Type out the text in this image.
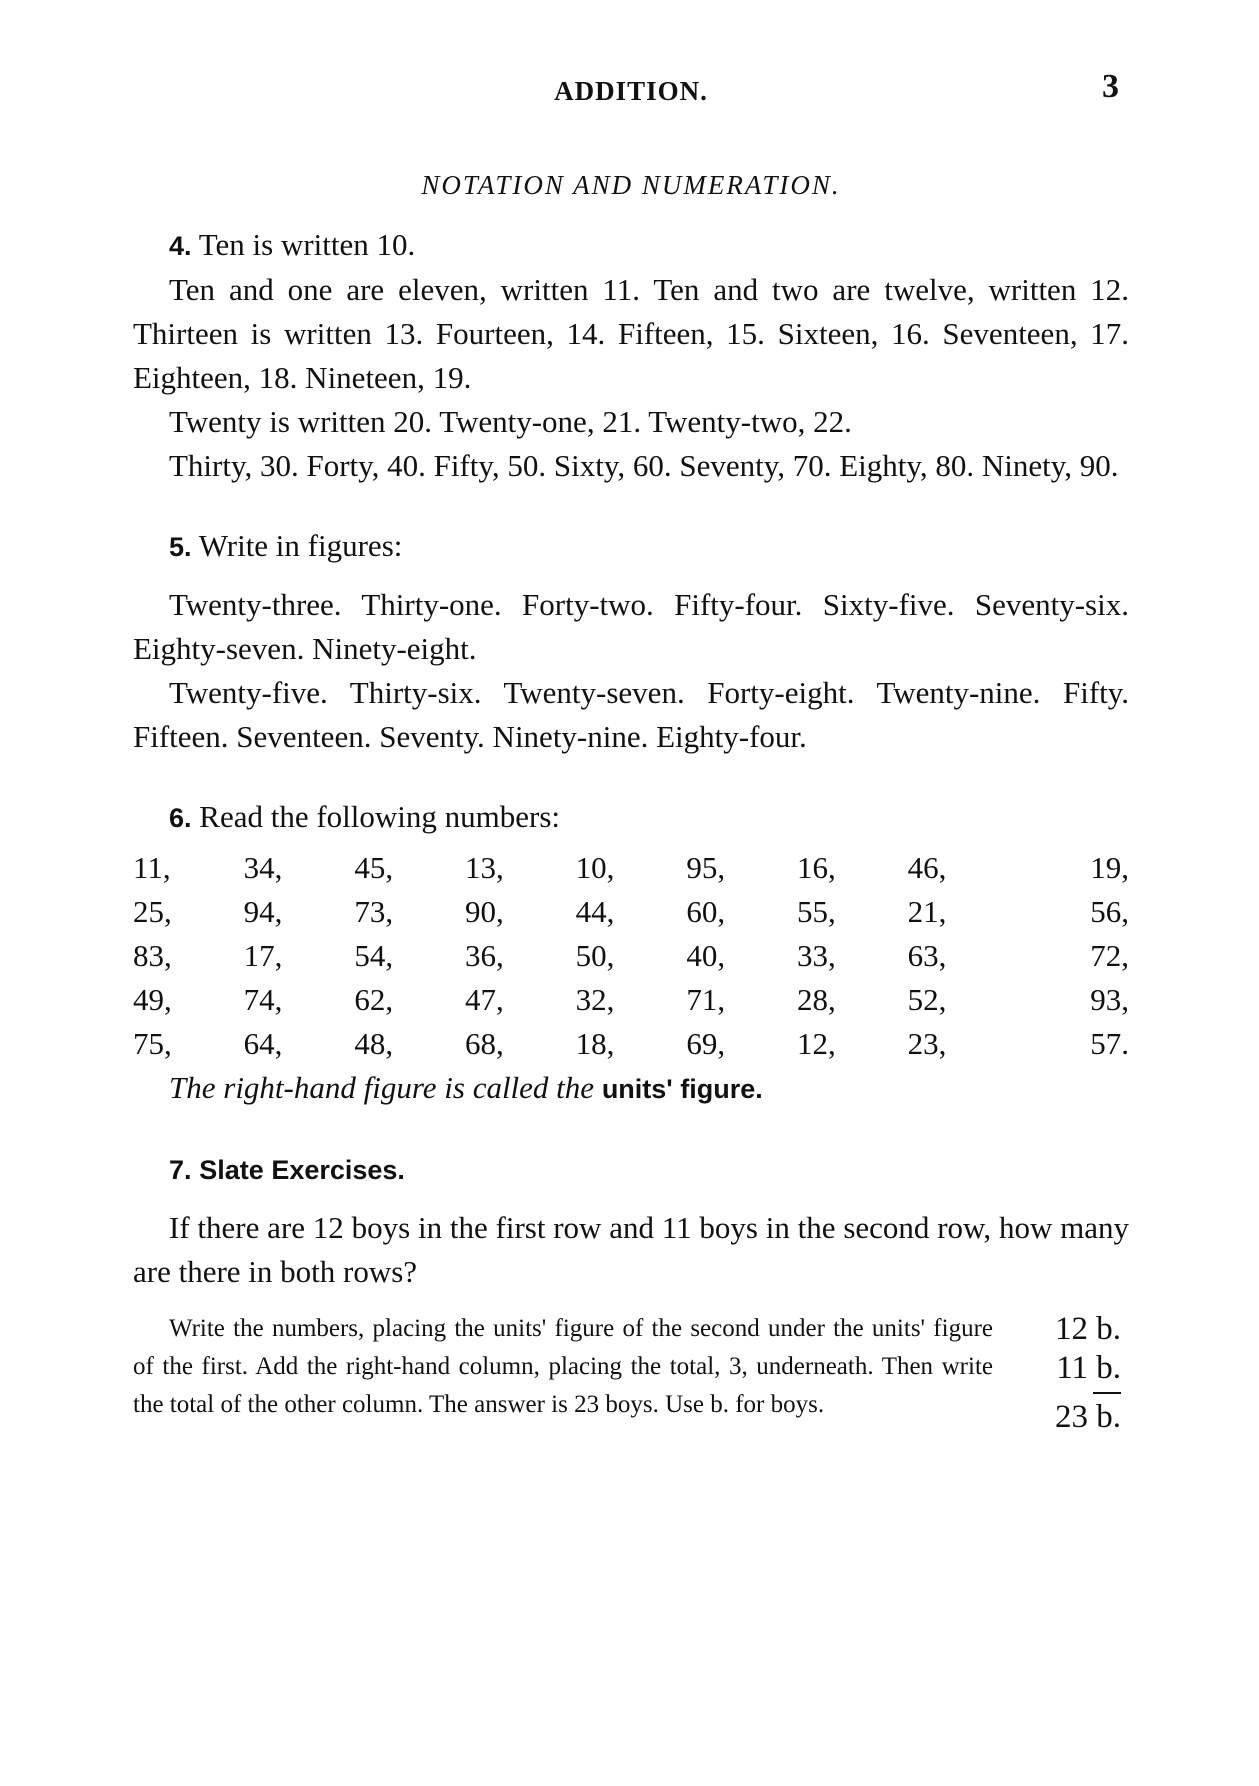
ADDITION.	3
NOTATION AND NUMERATION.

4. Ten is written 10.

Ten and one are eleven, written 11. Ten and two are twelve, written 12. Thirteen is written 13. Fourteen, 14. Fifteen, 15. Sixteen, 16. Seventeen, 17. Eighteen, 18. Nineteen, 19.

Twenty is written 20. Twenty-one, 21. Twenty-two, 22.

Thirty, 30. Forty, 40. Fifty, 50. Sixty, 60. Seventy, 70. Eighty, 80. Ninety, 90.

5. Write in figures:

Twenty-three. Thirty-one. Forty-two. Fifty-four. Sixty-five. Seventy-six. Eighty-seven. Ninety-eight.

Twenty-five. Thirty-six. Twenty-seven. Forty-eight. Twenty-nine. Fifty. Fifteen. Seventeen. Seventy. Ninety-nine. Eighty-four.

6. Read the following numbers:

11,	34,	45,	13,	10,	95,	16,	46,	19,
25,	94,	73,	90,	44,	60,	55,	21,	56,
83,	17,	54,	36,	50,	40,	33,	63,	72,
49,	74,	62,	47,	32,	71,	28,	52,	93,
75,	64,	48,	68,	18,	69,	12,	23,	57.

The right-hand figure is called the units' figure.

7. Slate Exercises.

If there are 12 boys in the first row and 11 boys in the second row, how many are there in both rows?

Write the numbers, placing the units' figure of the second under the units' figure of the first. Add the right-hand column, placing the total, 3, underneath. Then write the total of the other column. The answer is 23 boys. Use b. for boys.
12 b.
11 b.
23 b.
